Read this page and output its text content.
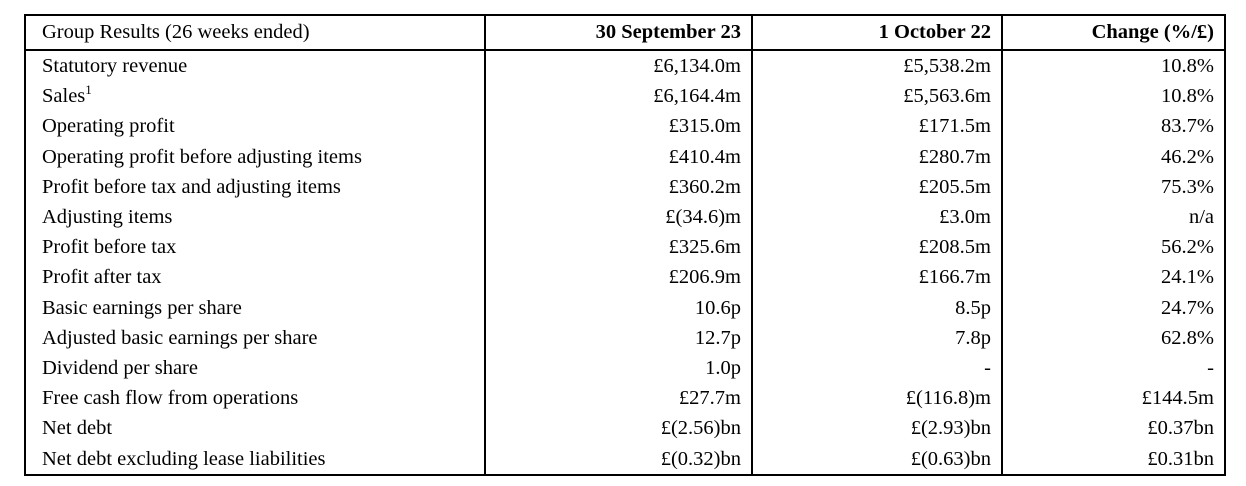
Group Results (26 weeks ended)	30 September 23	1 October 22	Change (%/£)
Statutory revenue	£6,134.0m	£5,538.2m	10.8%
Sales$^1$	£6,164.4m	£5,563.6m	10.8%
Operating profit	£315.0m	£171.5m	83.7%
Operating profit before adjusting items	£410.4m	£280.7m	46.2%
Profit before tax and adjusting items	£360.2m	£205.5m	75.3%
Adjusting items	£(34.6)m	£3.0m	n/a
Profit before tax	£325.6m	£208.5m	56.2%
Profit after tax	£206.9m	£166.7m	24.1%
Basic earnings per share	10.6p	8.5p	24.7%
Adjusted basic earnings per share	12.7p	7.8p	62.8%
Dividend per share	1.0p	-	-
Free cash flow from operations	£27.7m	£(116.8)m	£144.5m
Net debt	£(2.56)bn	£(2.93)bn	£0.37bn
Net debt excluding lease liabilities	£(0.32)bn	£(0.63)bn	£0.31bn
